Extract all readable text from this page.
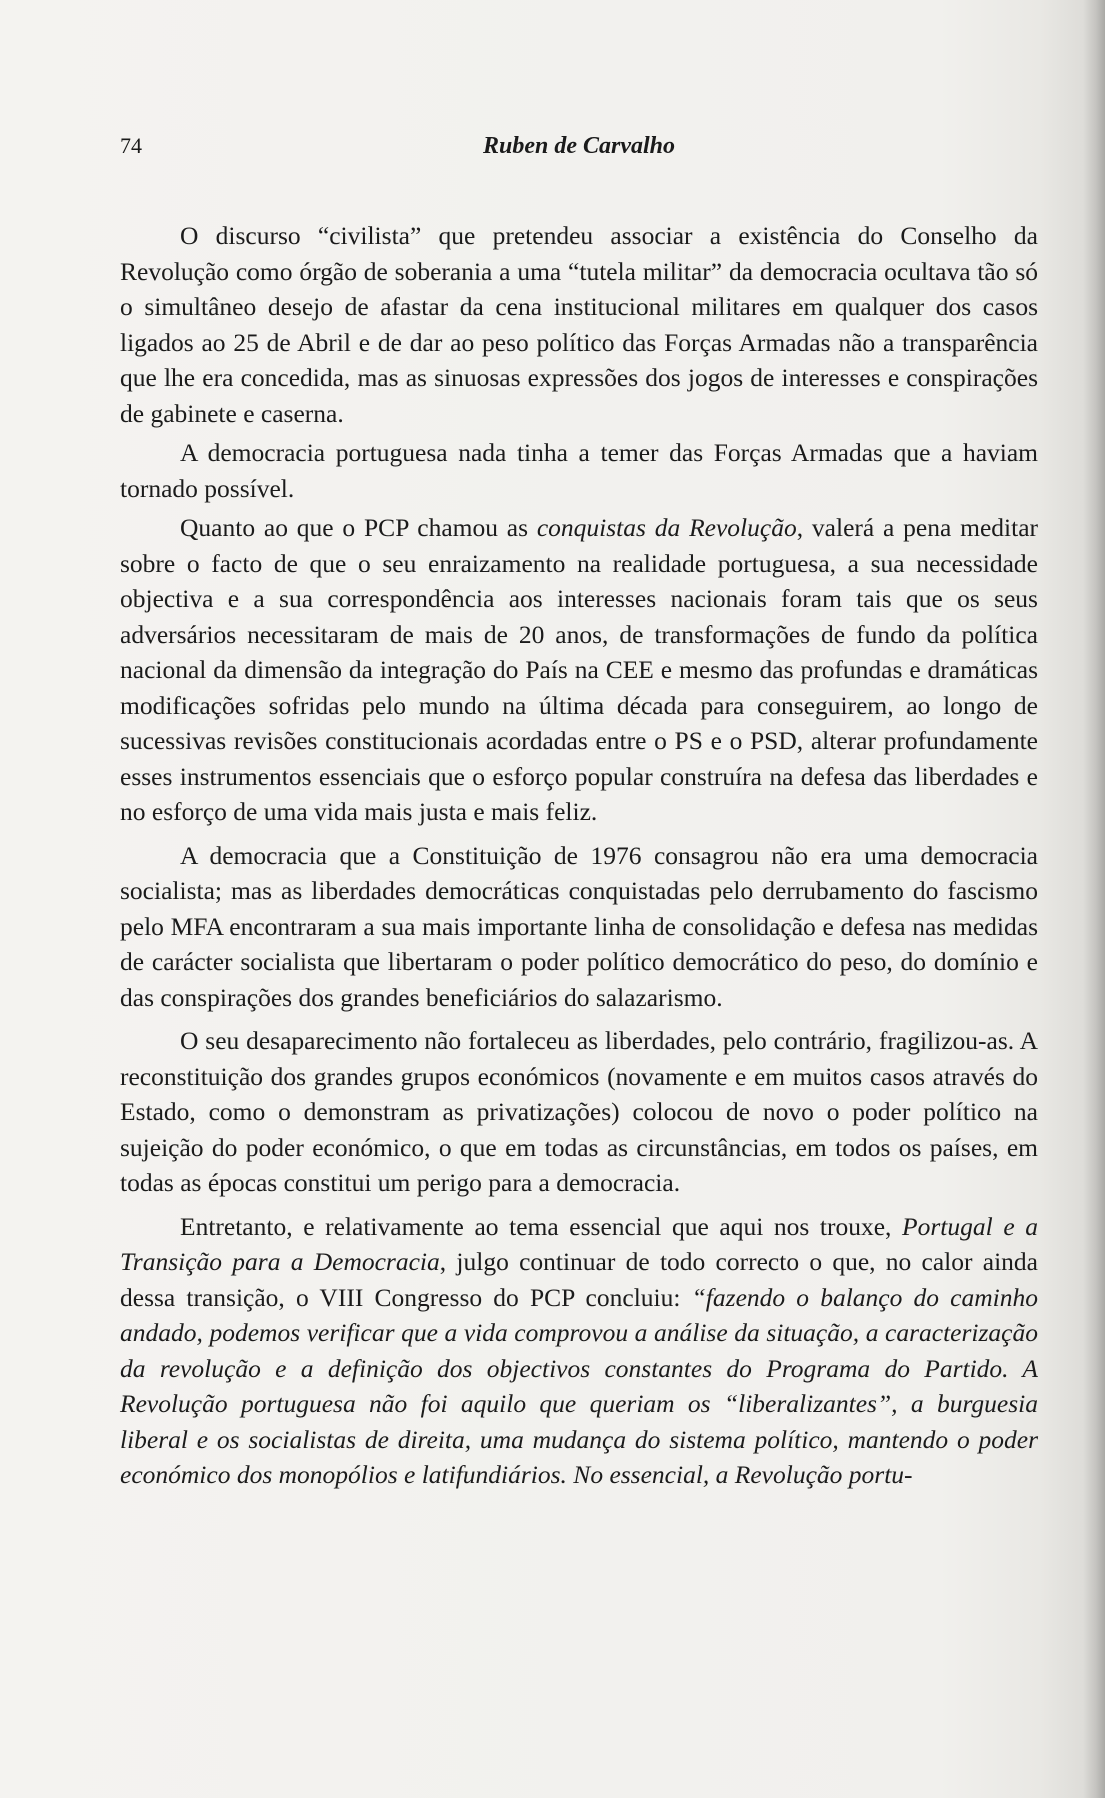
74	Ruben de Carvalho

O discurso “civilista” que pretendeu associar a existência do Conselho da Revolução como órgão de soberania a uma “tutela militar” da democracia ocultava tão só o simultâneo desejo de afastar da cena institucional militares em qualquer dos casos ligados ao 25 de Abril e de dar ao peso político das Forças Armadas não a transparência que lhe era concedida, mas as sinuosas expressões dos jogos de interesses e conspirações de gabinete e caserna.

A democracia portuguesa nada tinha a temer das Forças Armadas que a haviam tornado possível.

Quanto ao que o PCP chamou as conquistas da Revolução, valerá a pena meditar sobre o facto de que o seu enraizamento na realidade portuguesa, a sua necessidade objectiva e a sua correspondência aos interesses nacionais foram tais que os seus adversários necessitaram de mais de 20 anos, de transformações de fundo da política nacional da dimensão da integração do País na CEE e mesmo das profundas e dramáticas modificações sofridas pelo mundo na última década para conseguirem, ao longo de sucessivas revisões constitucionais acordadas entre o PS e o PSD, alterar profundamente esses instrumentos essenciais que o esforço popular construíra na defesa das liberdades e no esforço de uma vida mais justa e mais feliz.

A democracia que a Constituição de 1976 consagrou não era uma democracia socialista; mas as liberdades democráticas conquistadas pelo derrubamento do fascismo pelo MFA encontraram a sua mais importante linha de consolidação e defesa nas medidas de carácter socialista que libertaram o poder político democrático do peso, do domínio e das conspirações dos grandes beneficiários do salazarismo.

O seu desaparecimento não fortaleceu as liberdades, pelo contrário, fragilizou-as. A reconstituição dos grandes grupos económicos (novamente e em muitos casos através do Estado, como o demonstram as privatizações) colocou de novo o poder político na sujeição do poder económico, o que em todas as circunstâncias, em todos os países, em todas as épocas constitui um perigo para a democracia.

Entretanto, e relativamente ao tema essencial que aqui nos trouxe, Portugal e a Transição para a Democracia, julgo continuar de todo correcto o que, no calor ainda dessa transição, o VIII Congresso do PCP concluiu: “fazendo o balanço do caminho andado, podemos verificar que a vida comprovou a análise da situação, a caracterização da revolução e a definição dos objectivos constantes do Programa do Partido. A Revolução portuguesa não foi aquilo que queriam os “liberalizantes”, a burguesia liberal e os socialistas de direita, uma mudança do sistema político, mantendo o poder económico dos monopólios e latifundiários. No essencial, a Revolução portu-
